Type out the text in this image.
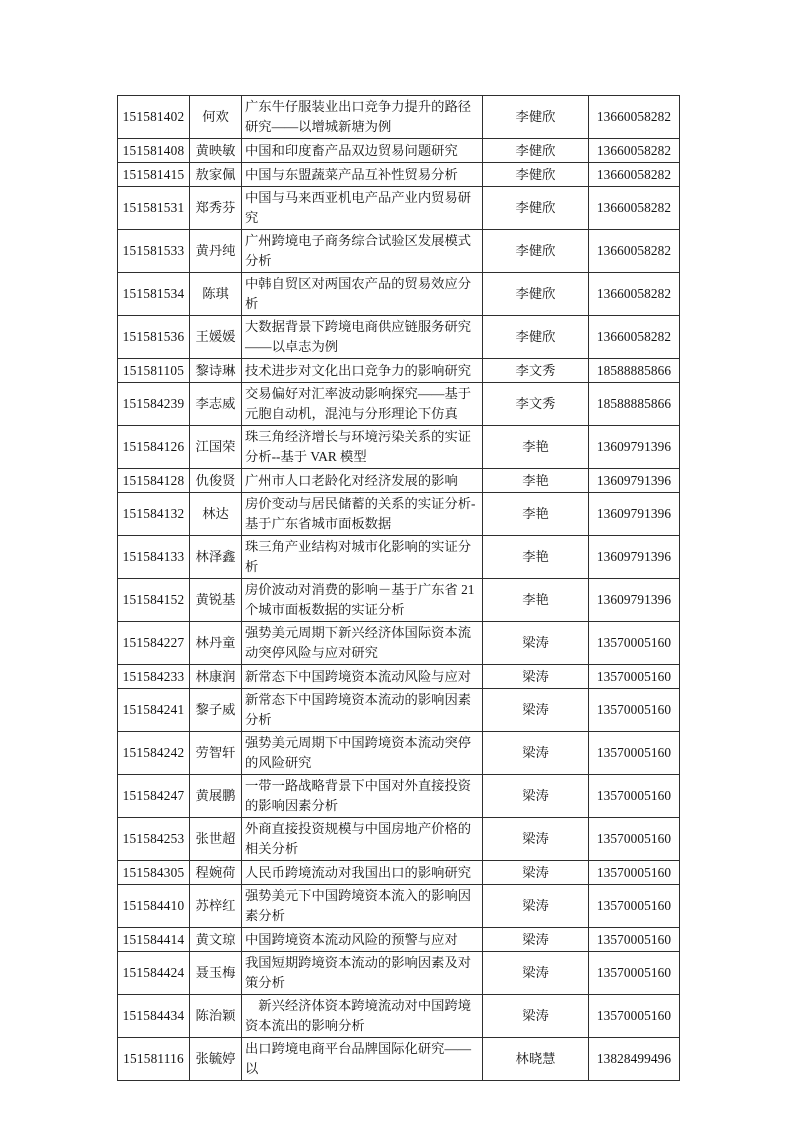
151581402	何欢	广东牛仔服装业出口竞争力提升的路径研究——以增城新塘为例	李健欣	13660058282
151581408	黄映敏	中国和印度畜产品双边贸易问题研究	李健欣	13660058282
151581415	敖家佩	中国与东盟蔬菜产品互补性贸易分析	李健欣	13660058282
151581531	郑秀芬	中国与马来西亚机电产品产业内贸易研究	李健欣	13660058282
151581533	黄丹纯	广州跨境电子商务综合试验区发展模式分析	李健欣	13660058282
151581534	陈琪	中韩自贸区对两国农产品的贸易效应分析	李健欣	13660058282
151581536	王媛媛	大数据背景下跨境电商供应链服务研究——以卓志为例	李健欣	13660058282
151581105	黎诗琳	技术进步对文化出口竞争力的影响研究	李文秀	18588885866
151584239	李志威	交易偏好对汇率波动影响探究——基于元胞自动机，混沌与分形理论下仿真	李文秀	18588885866
151584126	江国荣	珠三角经济增长与环境污染关系的实证分析--基于 VAR 模型	李艳	13609791396
151584128	仇俊贤	广州市人口老龄化对经济发展的影响	李艳	13609791396
151584132	林达	房价变动与居民储蓄的关系的实证分析-基于广东省城市面板数据	李艳	13609791396
151584133	林泽鑫	珠三角产业结构对城市化影响的实证分析	李艳	13609791396
151584152	黄锐基	房价波动对消费的影响－基于广东省 21 个城市面板数据的实证分析	李艳	13609791396
151584227	林丹童	强势美元周期下新兴经济体国际资本流动突停风险与应对研究	梁涛	13570005160
151584233	林康润	新常态下中国跨境资本流动风险与应对	梁涛	13570005160
151584241	黎子威	新常态下中国跨境资本流动的影响因素分析	梁涛	13570005160
151584242	劳智轩	强势美元周期下中国跨境资本流动突停的风险研究	梁涛	13570005160
151584247	黄展鹏	一带一路战略背景下中国对外直接投资的影响因素分析	梁涛	13570005160
151584253	张世超	外商直接投资规模与中国房地产价格的相关分析	梁涛	13570005160
151584305	程婉荷	人民币跨境流动对我国出口的影响研究	梁涛	13570005160
151584410	苏梓红	强势美元下中国跨境资本流入的影响因素分析	梁涛	13570005160
151584414	黄文琼	中国跨境资本流动风险的预警与应对	梁涛	13570005160
151584424	聂玉梅	我国短期跨境资本流动的影响因素及对策分析	梁涛	13570005160
151584434	陈治颖	　新兴经济体资本跨境流动对中国跨境资本流出的影响分析	梁涛	13570005160
151581116	张毓婷	出口跨境电商平台品牌国际化研究——以	林晓慧	13828499496
